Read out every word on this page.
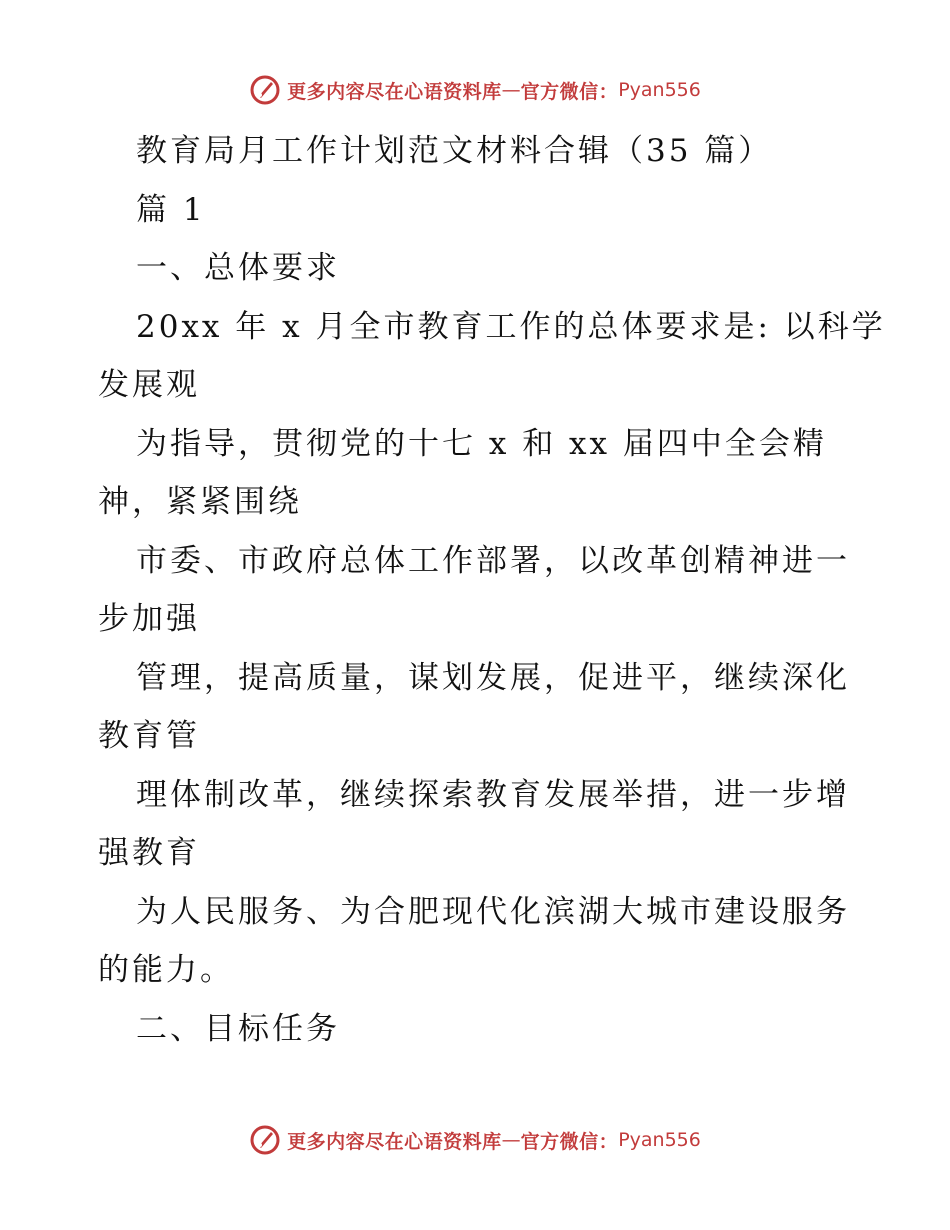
更多内容尽在心语资料库 — 官方微信： Pyan556

教育局月工作计划范文材料合辑（35 篇）

篇 1

一、总体要求

20xx 年 x 月全市教育工作的总体要求是: 以科学

发展观

为指导，贯彻党的十七 x 和 xx 届四中全会精

神，紧紧围绕

市委、市政府总体工作部署，以改革创精神进一

步加强

管理，提高质量，谋划发展，促进平，继续深化

教育管

理体制改革，继续探索教育发展举措，进一步增

强教育

为人民服务、为合肥现代化滨湖大城市建设服务

的能力。

二、目标任务

更多内容尽在心语资料库 — 官方微信： Pyan556
